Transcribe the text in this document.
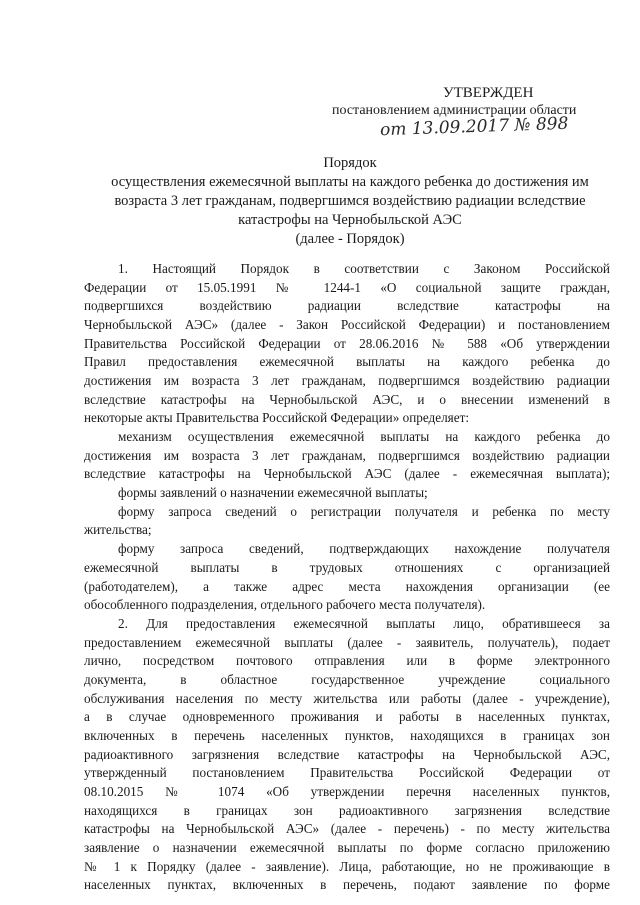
УТВЕРЖДЕН
постановлением администрации области
от 13.09.2017 № 898
Порядок
осуществления ежемесячной выплаты на каждого ребенка до достижения им
возраста 3 лет гражданам, подвергшимся воздействию радиации вследствие
катастрофы на Чернобыльской АЭС
(далее - Порядок)
1. Настоящий Порядок в соответствии с Законом Российской
Федерации от 15.05.1991 № 1244-1 «О социальной защите граждан,
подвергшихся воздействию радиации вследствие катастрофы на
Чернобыльской АЭС» (далее - Закон Российской Федерации) и постановлением
Правительства Российской Федерации от 28.06.2016 № 588 «Об утверждении
Правил предоставления ежемесячной выплаты на каждого ребенка до
достижения им возраста 3 лет гражданам, подвергшимся воздействию радиации
вследствие катастрофы на Чернобыльской АЭС, и о внесении изменений в
некоторые акты Правительства Российской Федерации» определяет:
механизм осуществления ежемесячной выплаты на каждого ребенка до
достижения им возраста 3 лет гражданам, подвергшимся воздействию радиации
вследствие катастрофы на Чернобыльской АЭС (далее - ежемесячная выплата);
формы заявлений о назначении ежемесячной выплаты;
форму запроса сведений о регистрации получателя и ребенка по месту
жительства;
форму запроса сведений, подтверждающих нахождение получателя
ежемесячной выплаты в трудовых отношениях с организацией
(работодателем), а также адрес места нахождения организации (ее
обособленного подразделения, отдельного рабочего места получателя).
2. Для предоставления ежемесячной выплаты лицо, обратившееся за
предоставлением ежемесячной выплаты (далее - заявитель, получатель), подает
лично, посредством почтового отправления или в форме электронного
документа, в областное государственное учреждение социального
обслуживания населения по месту жительства или работы (далее - учреждение),
а в случае одновременного проживания и работы в населенных пунктах,
включенных в перечень населенных пунктов, находящихся в границах зон
радиоактивного загрязнения вследствие катастрофы на Чернобыльской АЭС,
утвержденный постановлением Правительства Российской Федерации от
08.10.2015 № 1074 «Об утверждении перечня населенных пунктов,
находящихся в границах зон радиоактивного загрязнения вследствие
катастрофы на Чернобыльской АЭС» (далее - перечень) - по месту жительства
заявление о назначении ежемесячной выплаты по форме согласно приложению
№ 1 к Порядку (далее - заявление). Лица, работающие, но не проживающие в
населенных пунктах, включенных в перечень, подают заявление по форме
